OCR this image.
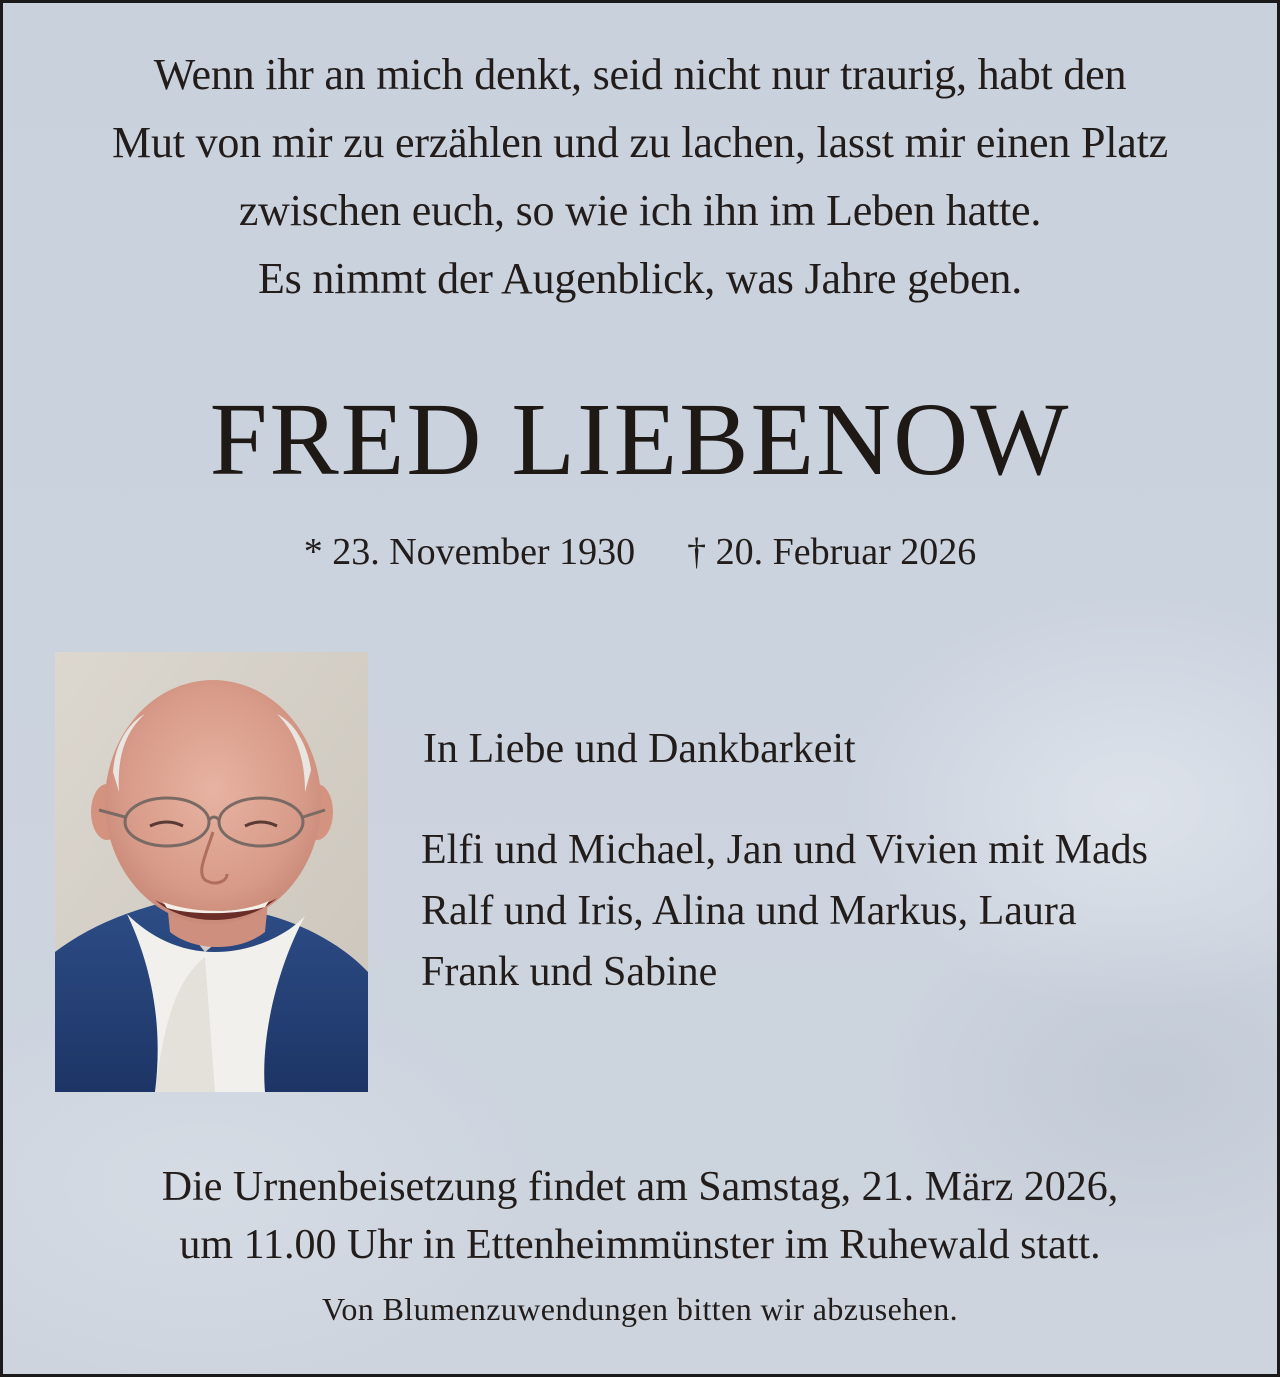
Wenn ihr an mich denkt, seid nicht nur traurig, habt den
Mut von mir zu erzählen und zu lachen, lasst mir einen Platz
zwischen euch, so wie ich ihn im Leben hatte.
Es nimmt der Augenblick, was Jahre geben.
FRED LIEBENOW
* 23. November 1930 † 20. Februar 2026
In Liebe und Dankbarkeit
Elfi und Michael, Jan und Vivien mit Mads
Ralf und Iris, Alina und Markus, Laura
Frank und Sabine
Die Urnenbeisetzung findet am Samstag, 21. März 2026,
um 11.00 Uhr in Ettenheimmünster im Ruhewald statt.
Von Blumenzuwendungen bitten wir abzusehen.
